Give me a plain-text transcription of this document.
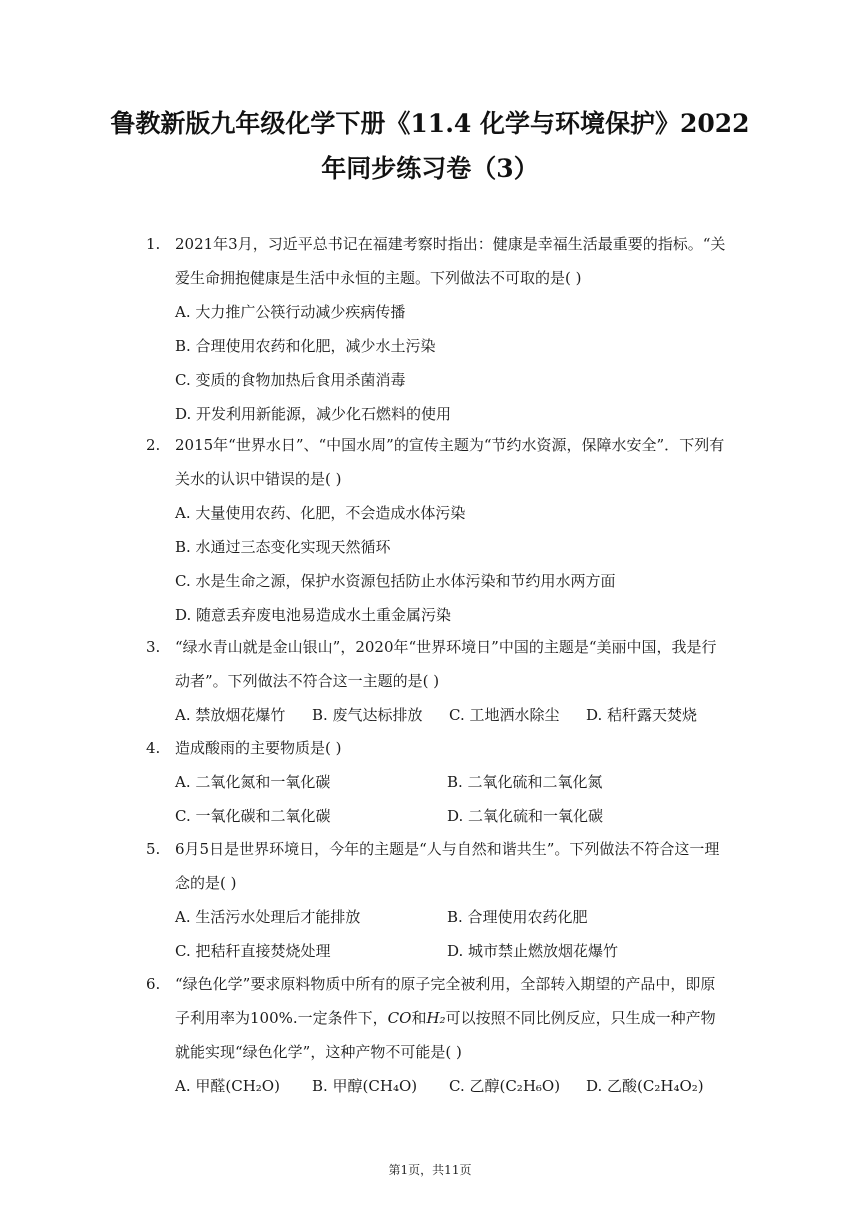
鲁教新版九年级化学下册《11.4 化学与环境保护》2022
年同步练习卷（3）
1. 2021年3月，习近平总书记在福建考察时指出：健康是幸福生活最重要的指标。“关爱生命拥抱健康是生活中永恒的主题。下列做法不可取的是( )
A. 大力推广公筷行动减少疾病传播
B. 合理使用农药和化肥，减少水土污染
C. 变质的食物加热后食用杀菌消毒
D. 开发利用新能源，减少化石燃料的使用
2. 2015年“世界水日”、“中国水周”的宣传主题为“节约水资源，保障水安全”．下列有关水的认识中错误的是( )
A. 大量使用农药、化肥，不会造成水体污染
B. 水通过三态变化实现天然循环
C. 水是生命之源，保护水资源包括防止水体污染和节约用水两方面
D. 随意丢弃废电池易造成水土重金属污染
3. “绿水青山就是金山银山”，2020年“世界环境日”中国的主题是“美丽中国，我是行动者”。下列做法不符合这一主题的是( )
A. 禁放烟花爆竹	B. 废气达标排放	C. 工地洒水除尘	D. 秸秆露天焚烧
4. 造成酸雨的主要物质是( )
A. 二氧化氮和一氧化碳	B. 二氧化硫和二氧化氮
C. 一氧化碳和二氧化碳	D. 二氧化硫和一氧化碳
5. 6月5日是世界环境日，今年的主题是“人与自然和谐共生”。下列做法不符合这一理念的是( )
A. 生活污水处理后才能排放	B. 合理使用农药化肥
C. 把秸秆直接焚烧处理	D. 城市禁止燃放烟花爆竹
6. “绿色化学”要求原料物质中所有的原子完全被利用，全部转入期望的产品中，即原子利用率为100%.一定条件下，CO和H₂可以按照不同比例反应，只生成一种产物就能实现“绿色化学”，这种产物不可能是( )
A. 甲醛(CH₂O)	B. 甲醇(CH₄O)	C. 乙醇(C₂H₆O)	D. 乙酸(C₂H₄O₂)
第1页，共11页
